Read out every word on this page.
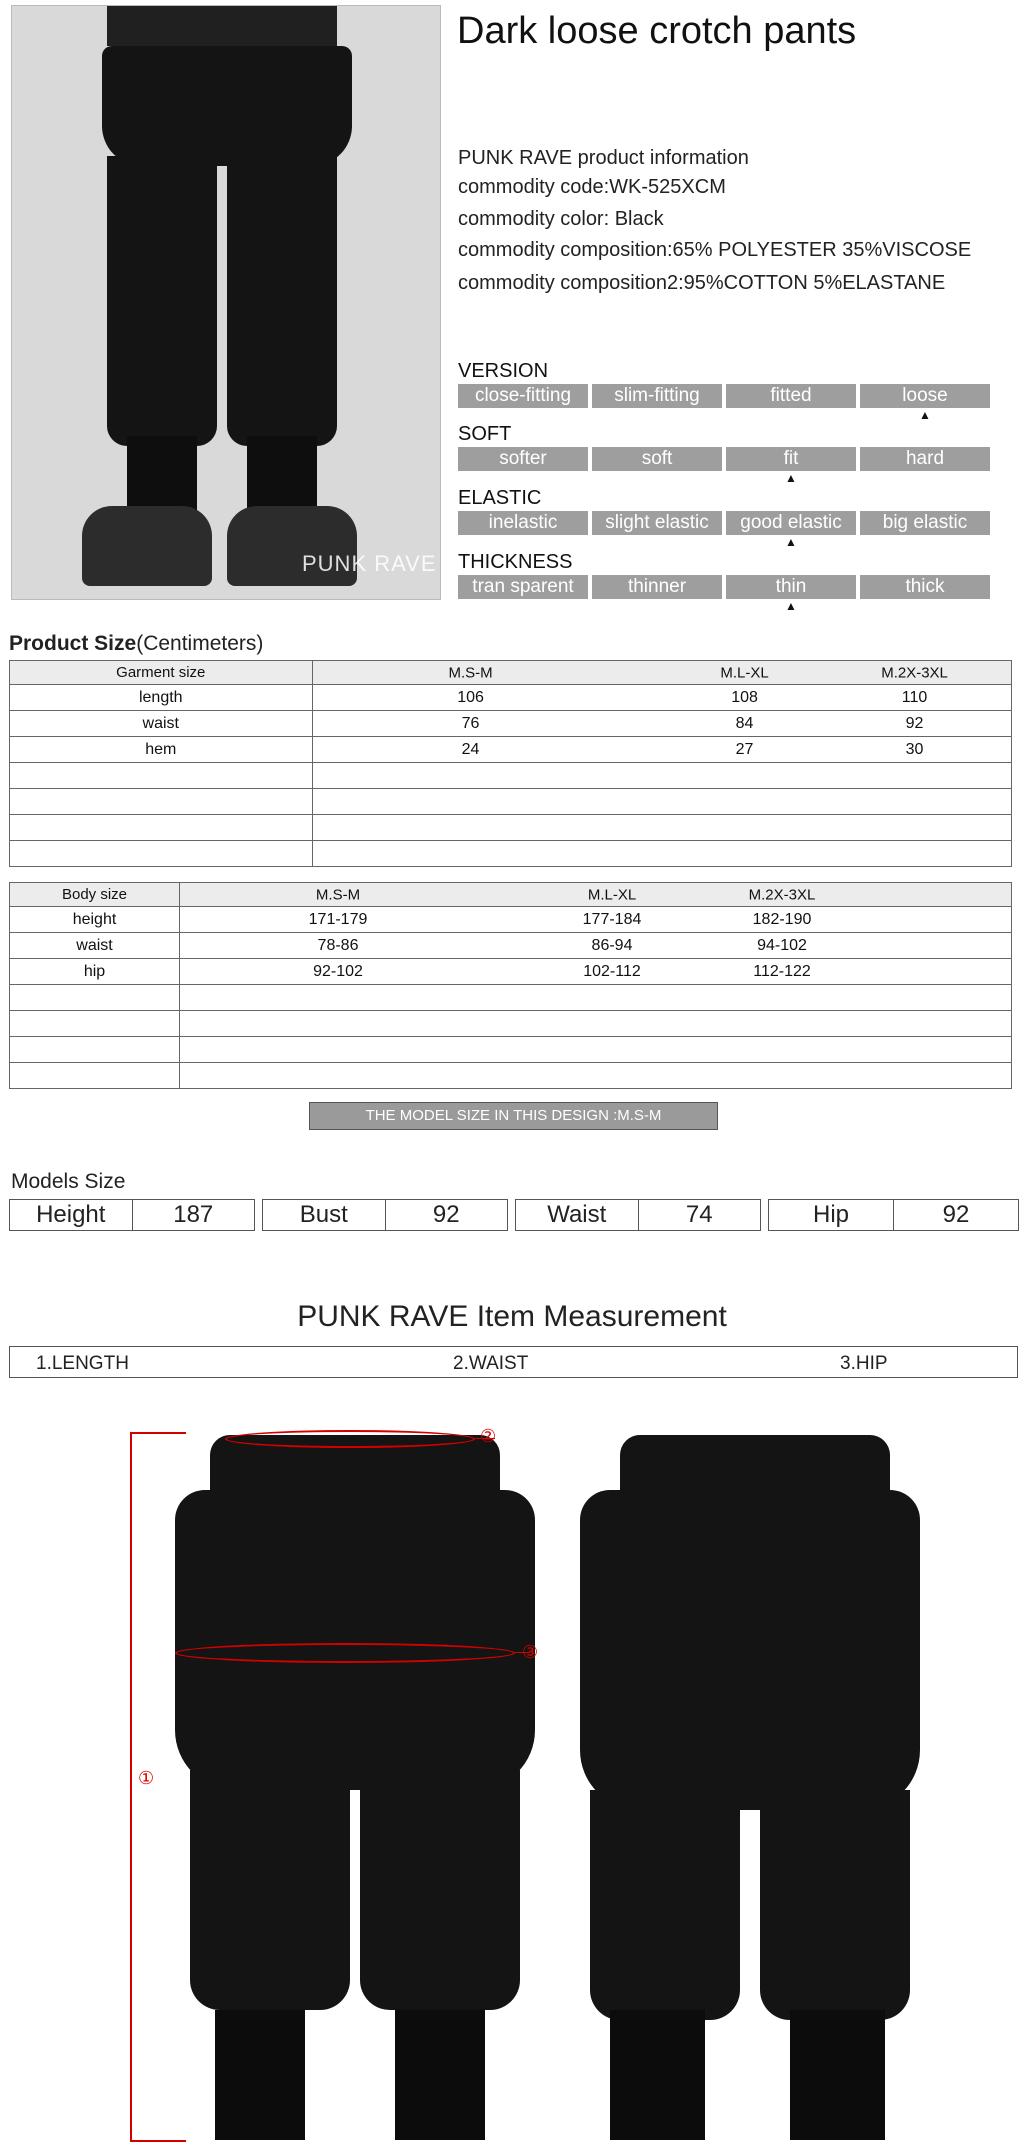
PUNK RAVE
Dark loose crotch pants
PUNK RAVE product information
commodity code:WK-525XCM
commodity color: Black
commodity composition:65% POLYESTER 35%VISCOSE
commodity composition2:95%COTTON 5%ELASTANE
VERSION
close-fitting	slim-fitting	fitted	loose
▲
SOFT
softer	soft	fit	hard
▲
ELASTIC
inelastic	slight elastic	good elastic	big elastic
▲
THICKNESS
tran sparent	thinner	thin	thick
▲
Product Size(Centimeters)
Garment size	M.S-M M.L-XL M.2X-3XL

length	106 108 110

waist	76 84 92

hem	24 27 30

Body size	M.S-M M.L-XL M.2X-3XL

height	171-179 177-184 182-190

waist	78-86 86-94 94-102

hip	92-102 102-112 112-122

THE MODEL SIZE IN THIS DESIGN :M.S-M
Models Size
Height	187	Bust	92	Waist	74	Hip	92
PUNK RAVE Item Measurement
1.LENGTH	2.WAIST	3.HIP
①
②
③
